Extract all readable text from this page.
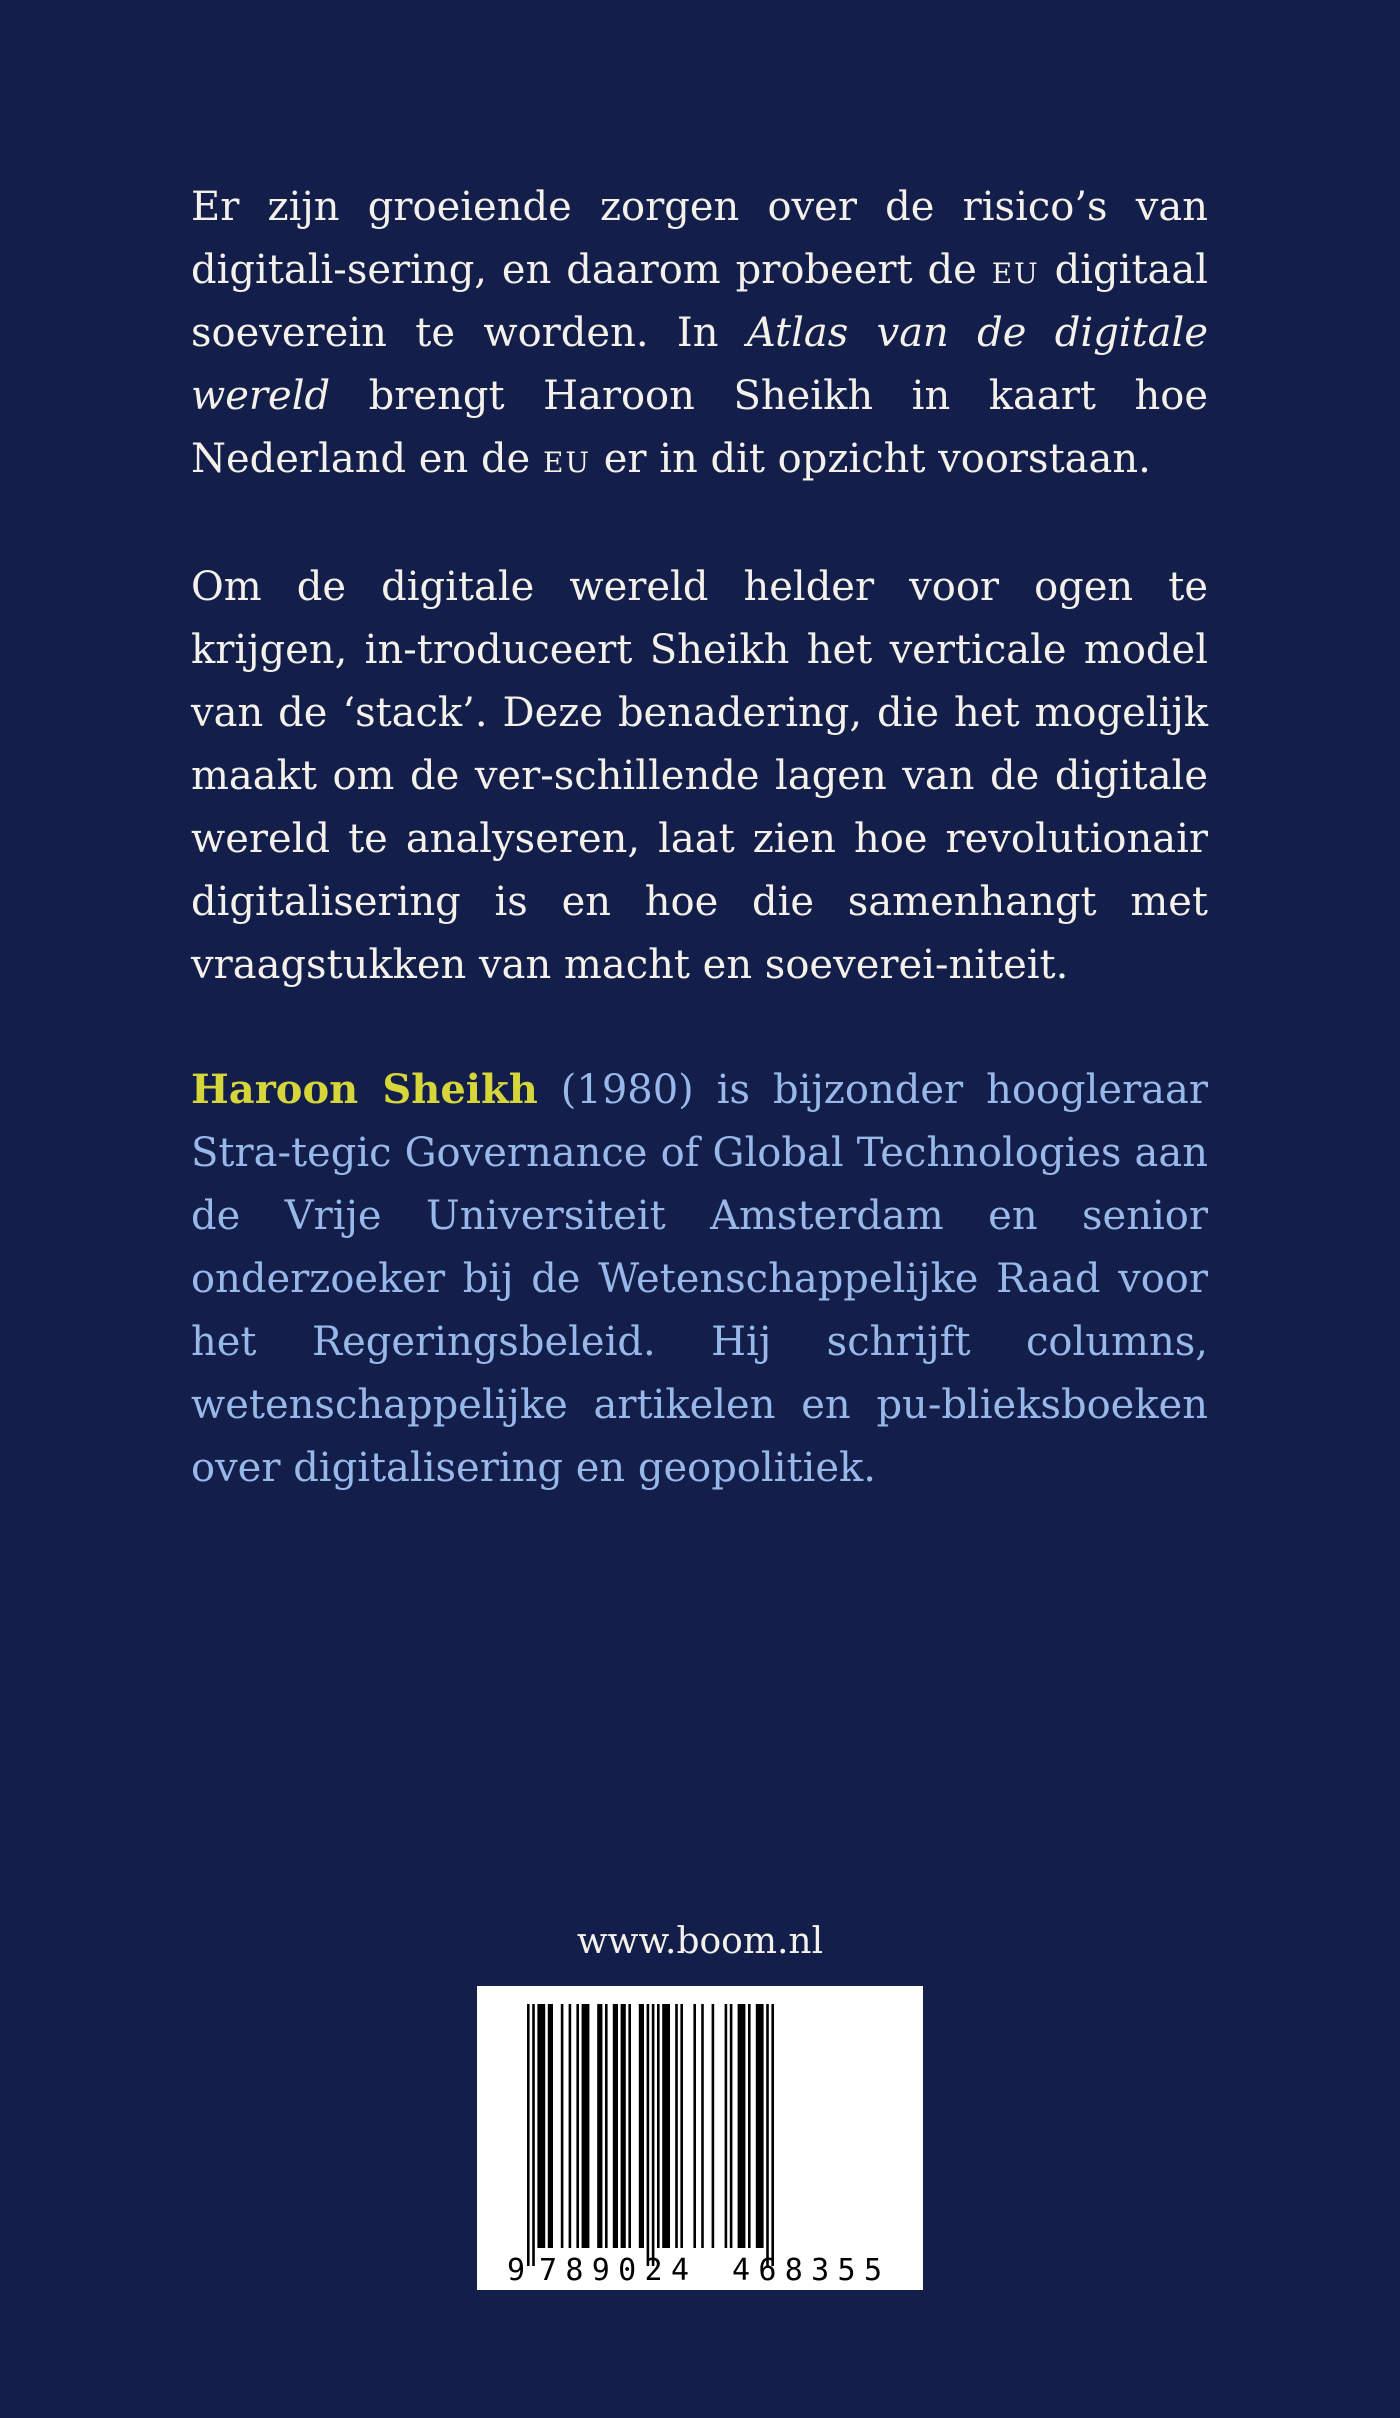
Er zijn groeiende zorgen over de risico’s van digitali-sering, en daarom probeert de eu digitaal soeverein te worden. In Atlas van de digitale wereld brengt Haroon Sheikh in kaart hoe Nederland en de eu er in dit opzicht voorstaan.

Om de digitale wereld helder voor ogen te krijgen, in-troduceert Sheikh het verticale model van de ‘stack’. Deze benadering, die het mogelijk maakt om de ver-schillende lagen van de digitale wereld te analyseren, laat zien hoe revolutionair digitalisering is en hoe die samenhangt met vraagstukken van macht en soeverei-niteit.

Haroon Sheikh (1980) is bijzonder hoogleraar Stra-tegic Governance of Global Technologies aan de Vrije Universiteit Amsterdam en senior onderzoeker bij de Wetenschappelijke Raad voor het Regeringsbeleid. Hij schrijft columns, wetenschappelijke artikelen en pu-blieksboeken over digitalisering en geopolitiek.

www.boom.nl
9 789024 468355
